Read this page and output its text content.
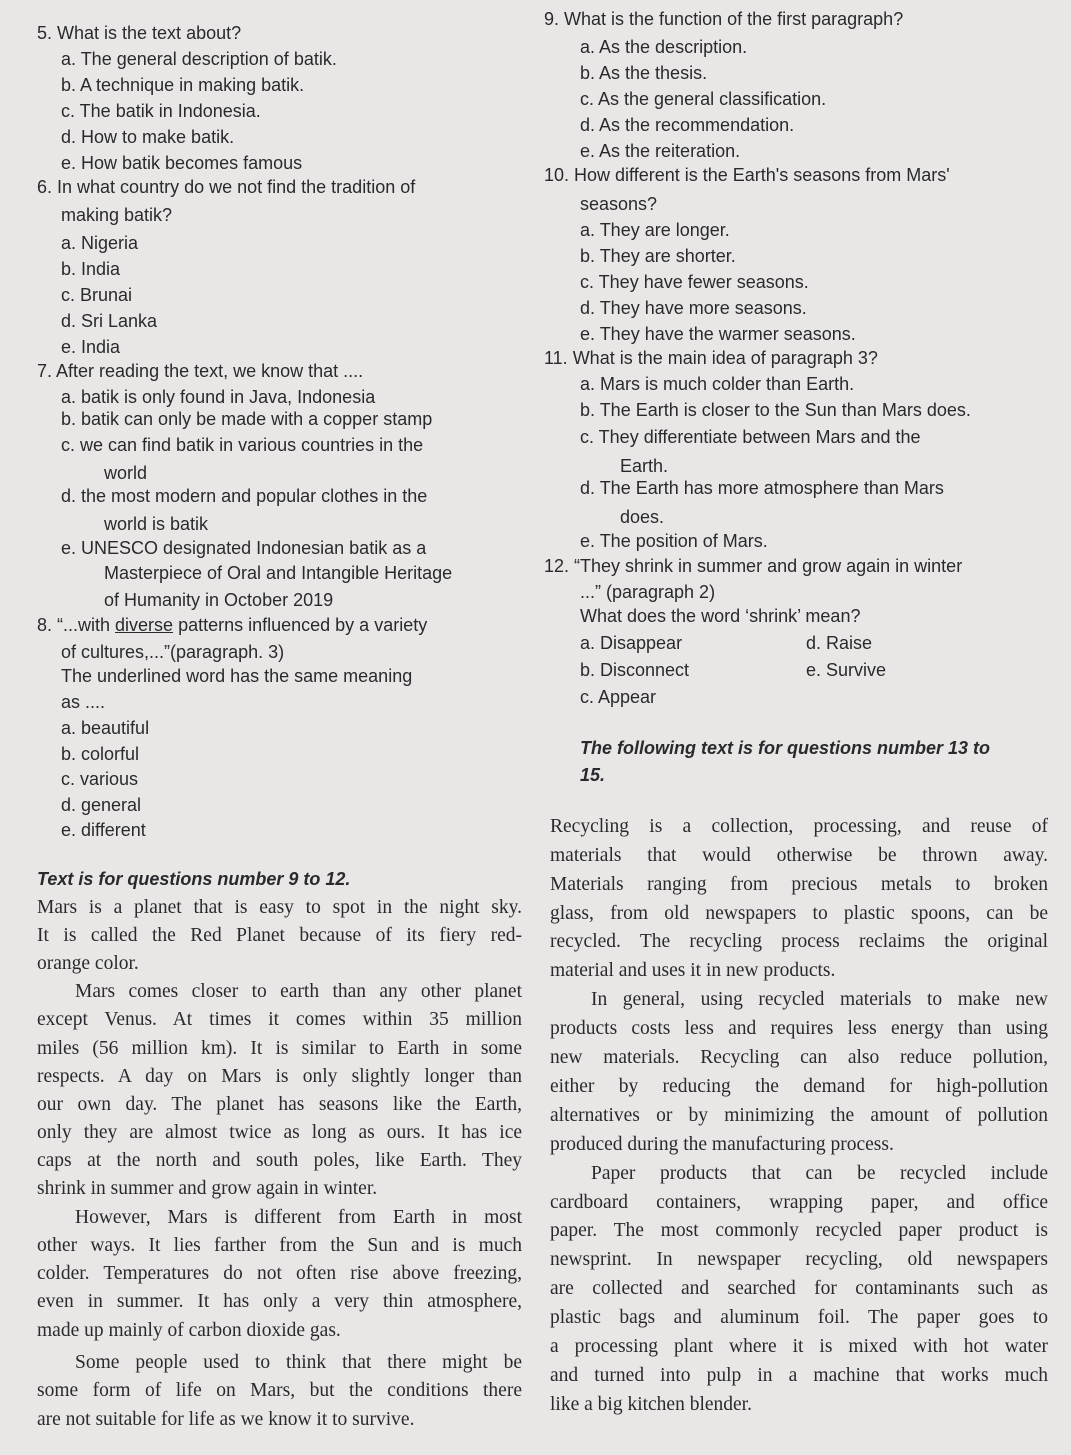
5. What is the text about?
a. The general description of batik.
b. A technique in making batik.
c. The batik in Indonesia.
d. How to make batik.
e. How batik becomes famous
6. In what country do we not find the tradition of
making batik?
a. Nigeria
b. India
c. Brunai
d. Sri Lanka
e. India
7. After reading the text, we know that ....
a. batik is only found in Java, Indonesia
b. batik can only be made with a copper stamp
c. we can find batik in various countries in the
world
d. the most modern and popular clothes in the
world is batik
e. UNESCO designated Indonesian batik as a
Masterpiece of Oral and Intangible Heritage
of Humanity in October 2019
8. “...with diverse patterns influenced by a variety
of cultures,...”(paragraph. 3)
The underlined word has the same meaning
as ....
a. beautiful
b. colorful
c. various
d. general
e. different
Text is for questions number 9 to 12.
Mars is a planet that is easy to spot in the night sky.
It is called the Red Planet because of its fiery red-
orange color.
Mars comes closer to earth than any other planet
except Venus. At times it comes within 35 million
miles (56 million km). It is similar to Earth in some
respects. A day on Mars is only slightly longer than
our own day. The planet has seasons like the Earth,
only they are almost twice as long as ours. It has ice
caps at the north and south poles, like Earth. They
shrink in summer and grow again in winter.
However, Mars is different from Earth in most
other ways. It lies farther from the Sun and is much
colder. Temperatures do not often rise above freezing,
even in summer. It has only a very thin atmosphere,
made up mainly of carbon dioxide gas.
Some people used to think that there might be
some form of life on Mars, but the conditions there
are not suitable for life as we know it to survive.
9. What is the function of the first paragraph?
a. As the description.
b. As the thesis.
c. As the general classification.
d. As the recommendation.
e. As the reiteration.
10. How different is the Earth's seasons from Mars'
seasons?
a. They are longer.
b. They are shorter.
c. They have fewer seasons.
d. They have more seasons.
e. They have the warmer seasons.
11. What is the main idea of paragraph 3?
a. Mars is much colder than Earth.
b. The Earth is closer to the Sun than Mars does.
c. They differentiate between Mars and the
Earth.
d. The Earth has more atmosphere than Mars
does.
e. The position of Mars.
12. “They shrink in summer and grow again in winter
...” (paragraph 2)
What does the word ‘shrink’ mean?
a. Disappear	d. Raise
b. Disconnect	e. Survive
c. Appear
The following text is for questions number 13 to
15.
Recycling is a collection, processing, and reuse of
materials that would otherwise be thrown away.
Materials ranging from precious metals to broken
glass, from old newspapers to plastic spoons, can be
recycled. The recycling process reclaims the original
material and uses it in new products.
In general, using recycled materials to make new
products costs less and requires less energy than using
new materials. Recycling can also reduce pollution,
either by reducing the demand for high-pollution
alternatives or by minimizing the amount of pollution
produced during the manufacturing process.
Paper products that can be recycled include
cardboard containers, wrapping paper, and office
paper. The most commonly recycled paper product is
newsprint. In newspaper recycling, old newspapers
are collected and searched for contaminants such as
plastic bags and aluminum foil. The paper goes to
a processing plant where it is mixed with hot water
and turned into pulp in a machine that works much
like a big kitchen blender.
